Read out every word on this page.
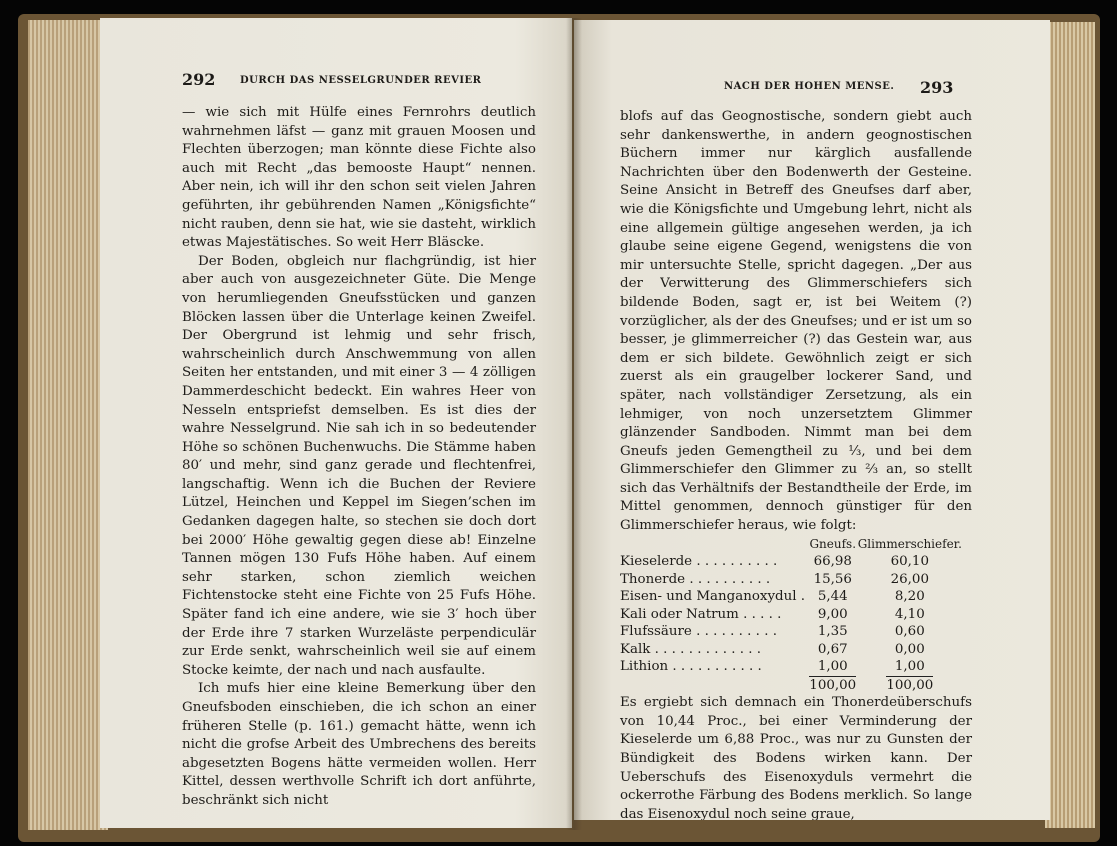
292 DURCH DAS NESSELGRUNDER REVIER

— wie sich mit Hülfe eines Fernrohrs deutlich wahrnehmen läfst — ganz mit grauen Moosen und Flechten überzogen; man könnte diese Fichte also auch mit Recht „das bemooste Haupt“ nennen. Aber nein, ich will ihr den schon seit vielen Jahren geführten, ihr gebührenden Namen „Königsfichte“ nicht rauben, denn sie hat, wie sie dasteht, wirklich etwas Majestätisches. So weit Herr Bläscke.

Der Boden, obgleich nur flachgründig, ist hier aber auch von ausgezeichneter Güte. Die Menge von herumliegenden Gneufsstücken und ganzen Blöcken lassen über die Unterlage keinen Zweifel. Der Obergrund ist lehmig und sehr frisch, wahrscheinlich durch Anschwemmung von allen Seiten her entstanden, und mit einer 3 — 4 zölligen Dammerdeschicht bedeckt. Ein wahres Heer von Nesseln entspriefst demselben. Es ist dies der wahre Nesselgrund. Nie sah ich in so bedeutender Höhe so schönen Buchenwuchs. Die Stämme haben 80′ und mehr, sind ganz gerade und flechtenfrei, langschaftig. Wenn ich die Buchen der Reviere Lützel, Heinchen und Keppel im Siegen’schen im Gedanken dagegen halte, so stechen sie doch dort bei 2000′ Höhe gewaltig gegen diese ab! Einzelne Tannen mögen 130 Fufs Höhe haben. Auf einem sehr starken, schon ziemlich weichen Fichtenstocke steht eine Fichte von 25 Fufs Höhe. Später fand ich eine andere, wie sie 3′ hoch über der Erde ihre 7 starken Wurzeläste perpendiculär zur Erde senkt, wahrscheinlich weil sie auf einem Stocke keimte, der nach und nach ausfaulte.

Ich mufs hier eine kleine Bemerkung über den Gneufsboden einschieben, die ich schon an einer früheren Stelle (p. 161.) gemacht hätte, wenn ich nicht die grofse Arbeit des Umbrechens des bereits abgesetzten Bogens hätte vermeiden wollen. Herr Kittel, dessen werthvolle Schrift ich dort anführte, beschränkt sich nicht

NACH DER HOHEN MENSE. 293

blofs auf das Geognostische, sondern giebt auch sehr dankenswerthe, in andern geognostischen Büchern immer nur kärglich ausfallende Nachrichten über den Bodenwerth der Gesteine. Seine Ansicht in Betreff des Gneufses darf aber, wie die Königsfichte und Umgebung lehrt, nicht als eine allgemein gültige angesehen werden, ja ich glaube seine eigene Gegend, wenigstens die von mir untersuchte Stelle, spricht dagegen. „Der aus der Verwitterung des Glimmerschiefers sich bildende Boden, sagt er, ist bei Weitem (?) vorzüglicher, als der des Gneufses; und er ist um so besser, je glimmerreicher (?) das Gestein war, aus dem er sich bildete. Gewöhnlich zeigt er sich zuerst als ein graugelber lockerer Sand, und später, nach vollständiger Zersetzung, als ein lehmiger, von noch unzersetztem Glimmer glänzender Sandboden. Nimmt man bei dem Gneufs jeden Gemengtheil zu ⅓, und bei dem Glimmerschiefer den Glimmer zu ⅔ an, so stellt sich das Verhältnifs der Bestandtheile der Erde, im Mittel genommen, dennoch günstiger für den Glimmerschiefer heraus, wie folgt:

	Gneufs.	Glimmerschiefer.
Kieselerde . . . . . . . . . .	66,98	60,10
Thonerde . . . . . . . . . .	15,56	26,00
Eisen- und Manganoxydul .	5,44	8,20
Kali oder Natrum . . . . .	9,00	4,10
Flufssäure . . . . . . . . . .	1,35	0,60
Kalk . . . . . . . . . . . . .	0,67	0,00
Lithion . . . . . . . . . . .	1,00	1,00
	100,00	100,00

Es ergiebt sich demnach ein Thonerdeüberschufs von 10,44 Proc., bei einer Verminderung der Kieselerde um 6,88 Proc., was nur zu Gunsten der Bündigkeit des Bodens wirken kann. Der Ueberschufs des Eisenoxyduls vermehrt die ockerrothe Färbung des Bodens merklich. So lange das Eisenoxydul noch seine graue,
